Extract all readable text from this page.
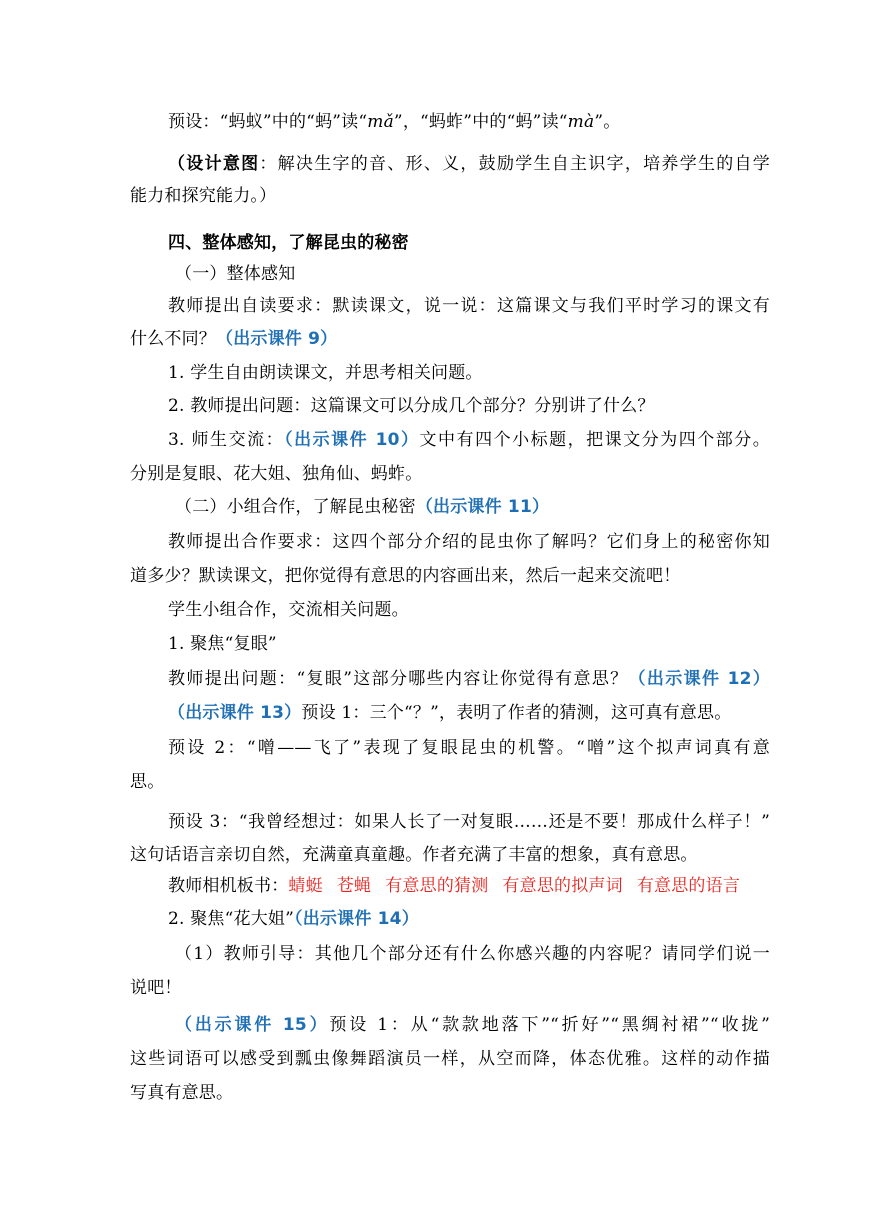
预设：“蚂蚁”中的“蚂”读“mǎ”，“蚂蚱”中的“蚂”读“mà”。
（设计意图：解决生字的音、形、义，鼓励学生自主识字，培养学生的自学
能力和探究能力。）
四、整体感知，了解昆虫的秘密
（一）整体感知
教师提出自读要求：默读课文，说一说：这篇课文与我们平时学习的课文有
什么不同？（出示课件 9）
1. 学生自由朗读课文，并思考相关问题。
2. 教师提出问题：这篇课文可以分成几个部分？分别讲了什么？
3. 师生交流：（出示课件 10）文中有四个小标题，把课文分为四个部分。
分别是复眼、花大姐、独角仙、蚂蚱。
（二）小组合作，了解昆虫秘密（出示课件 11）
教师提出合作要求：这四个部分介绍的昆虫你了解吗？它们身上的秘密你知
道多少？默读课文，把你觉得有意思的内容画出来，然后一起来交流吧！
学生小组合作，交流相关问题。
1. 聚焦“复眼”
教师提出问题：“复眼”这部分哪些内容让你觉得有意思？（出示课件 12）
（出示课件 13）预设 1：三个“？”，表明了作者的猜测，这可真有意思。
预设 2：“噌——飞了”表现了复眼昆虫的机警。“噌”这个拟声词真有意
思。
预设 3：“我曾经想过：如果人长了一对复眼……还是不要！那成什么样子！”
这句话语言亲切自然，充满童真童趣。作者充满了丰富的想象，真有意思。
教师相机板书：蜻蜓 苍蝇 有意思的猜测 有意思的拟声词 有意思的语言
2. 聚焦“花大姐”（出示课件 14）
（1）教师引导：其他几个部分还有什么你感兴趣的内容呢？请同学们说一
说吧！
（出示课件 15）预设 1：从“款款地落下”“折好”“黑绸衬裙”“收拢”
这些词语可以感受到瓢虫像舞蹈演员一样，从空而降，体态优雅。这样的动作描
写真有意思。
